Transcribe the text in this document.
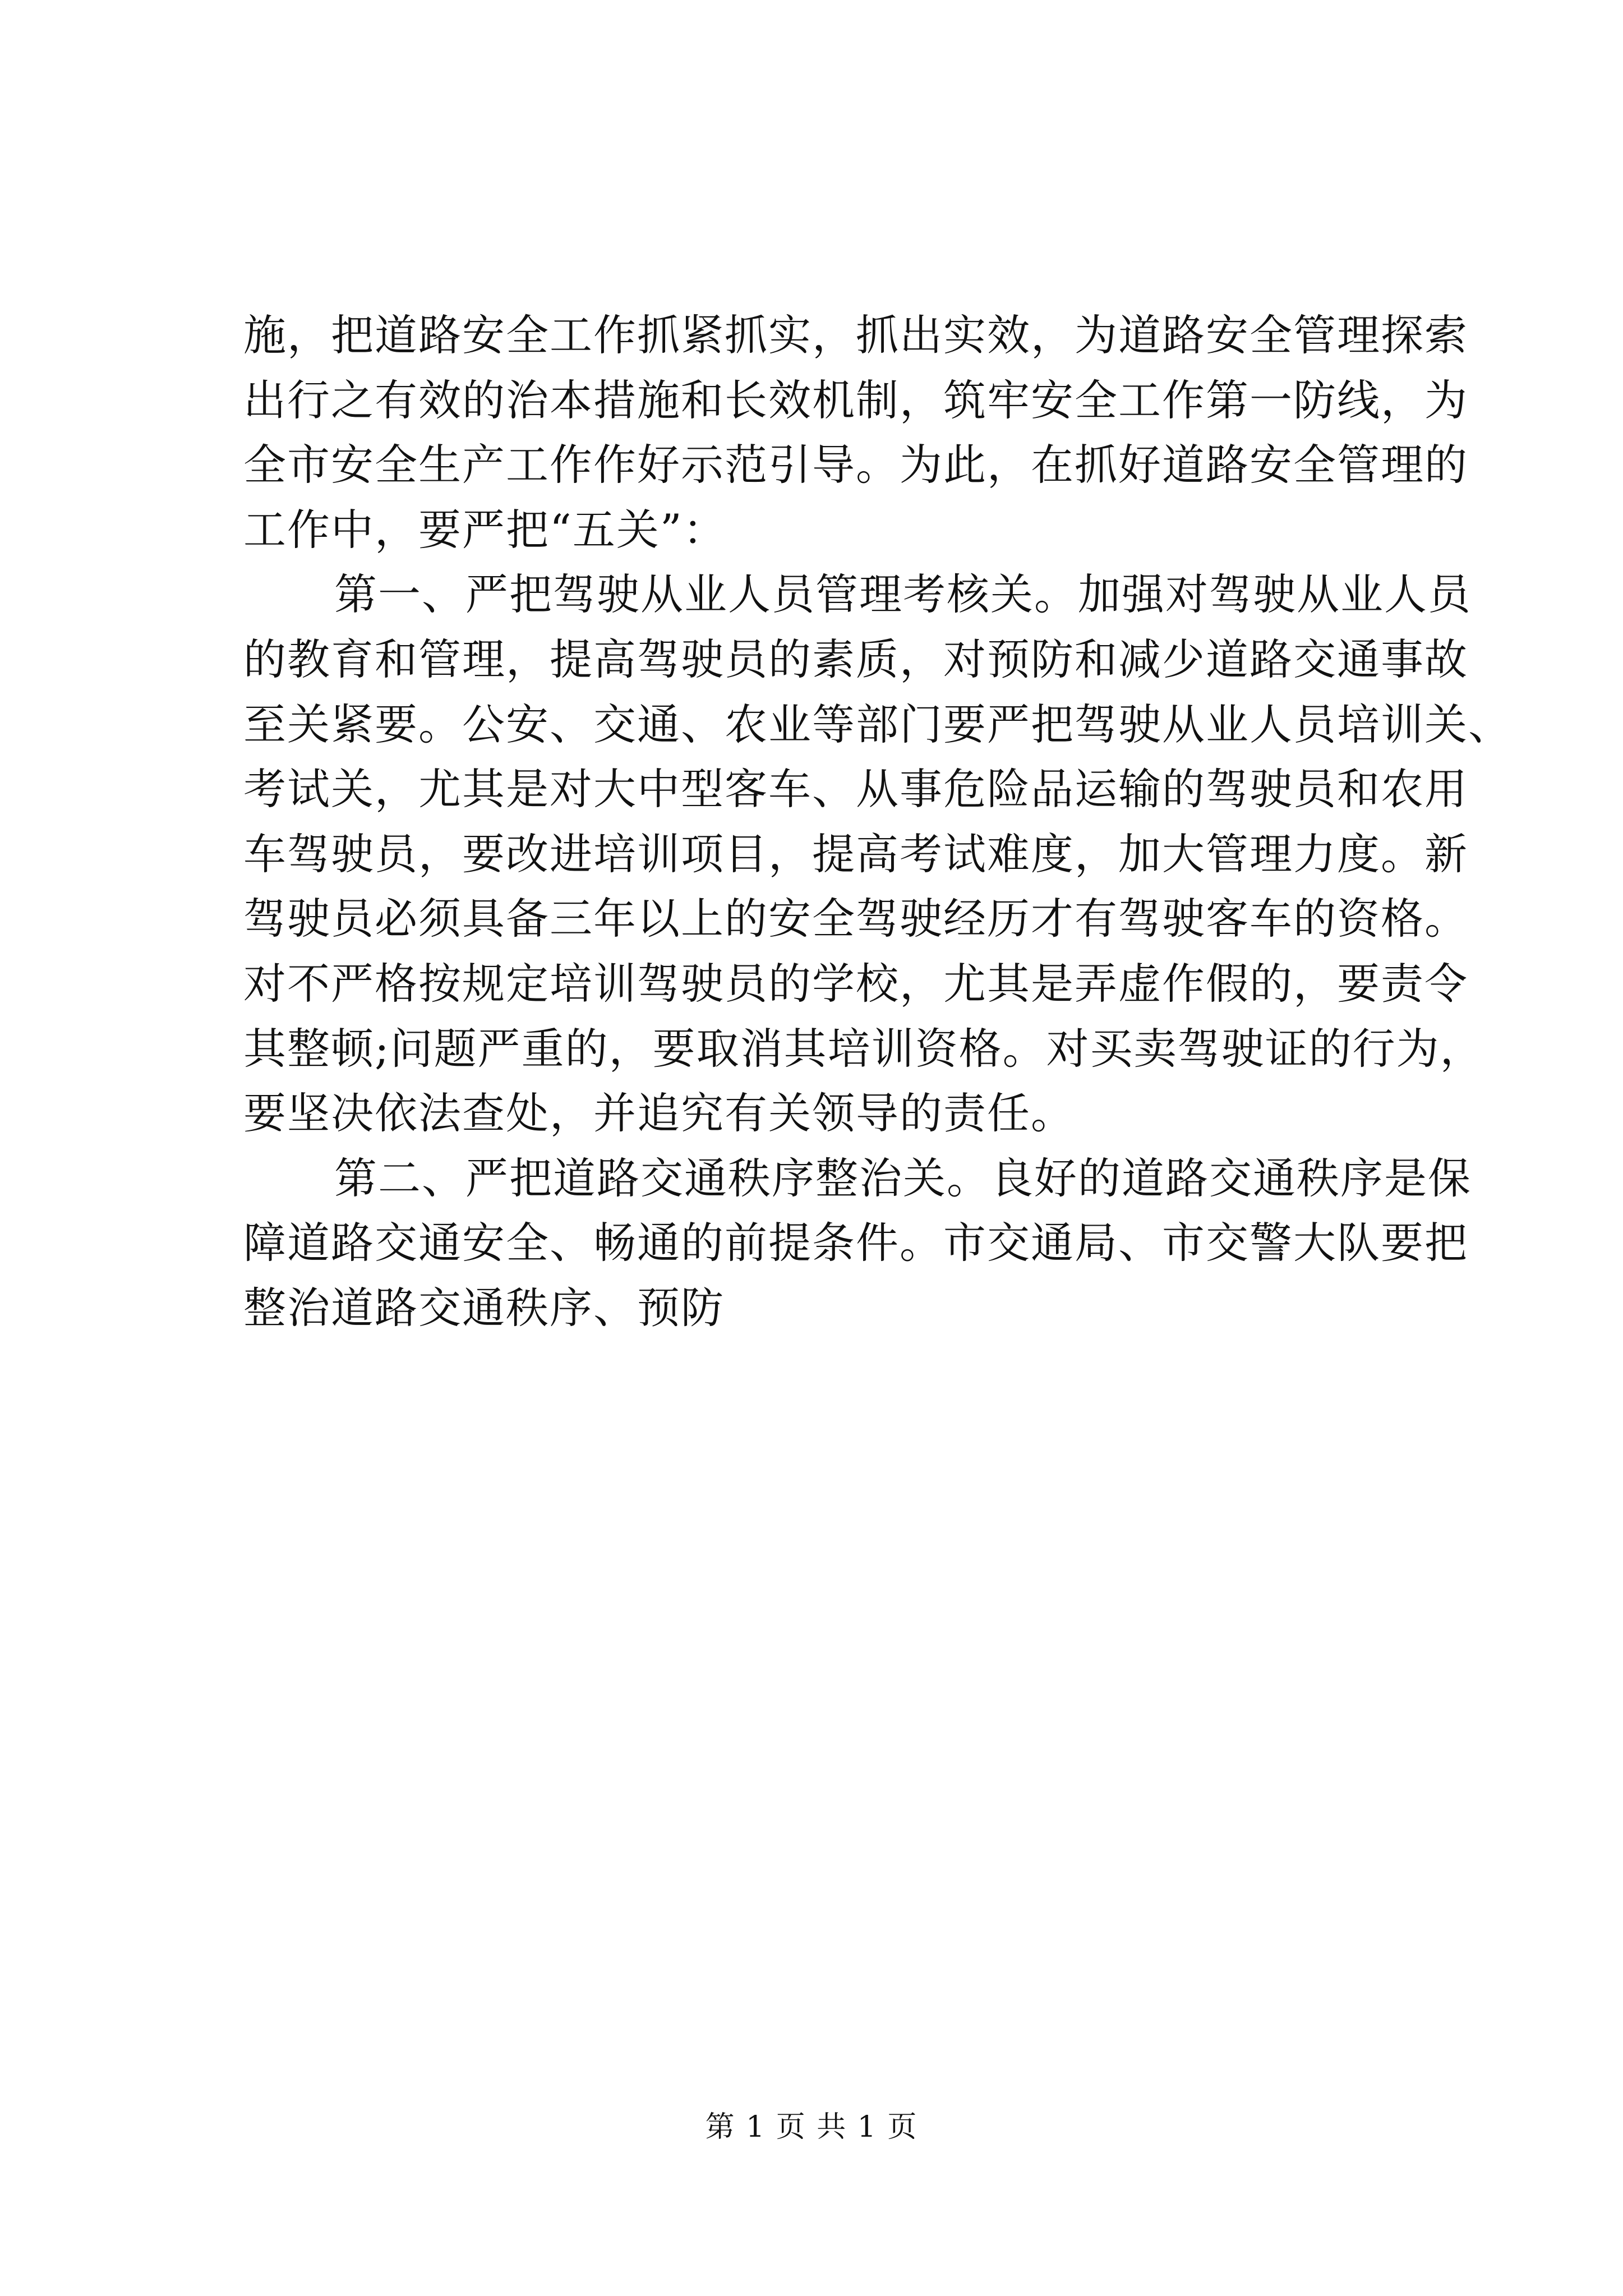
施，把道路安全工作抓紧抓实，抓出实效，为道路安全管理探索
出行之有效的治本措施和长效机制，筑牢安全工作第一防线，为
全市安全生产工作作好示范引导。为此，在抓好道路安全管理的
工作中，要严把“五关”：
第一、严把驾驶从业人员管理考核关。加强对驾驶从业人员
的教育和管理，提高驾驶员的素质，对预防和减少道路交通事故
至关紧要。公安、交通、农业等部门要严把驾驶从业人员培训关、
考试关，尤其是对大中型客车、从事危险品运输的驾驶员和农用
车驾驶员，要改进培训项目，提高考试难度，加大管理力度。新
驾驶员必须具备三年以上的安全驾驶经历才有驾驶客车的资格。
对不严格按规定培训驾驶员的学校，尤其是弄虚作假的，要责令
其整顿;问题严重的，要取消其培训资格。对买卖驾驶证的行为，
要坚决依法查处，并追究有关领导的责任。
第二、严把道路交通秩序整治关。良好的道路交通秩序是保
障道路交通安全、畅通的前提条件。市交通局、市交警大队要把
整治道路交通秩序、预防
第 1 页 共 1 页
